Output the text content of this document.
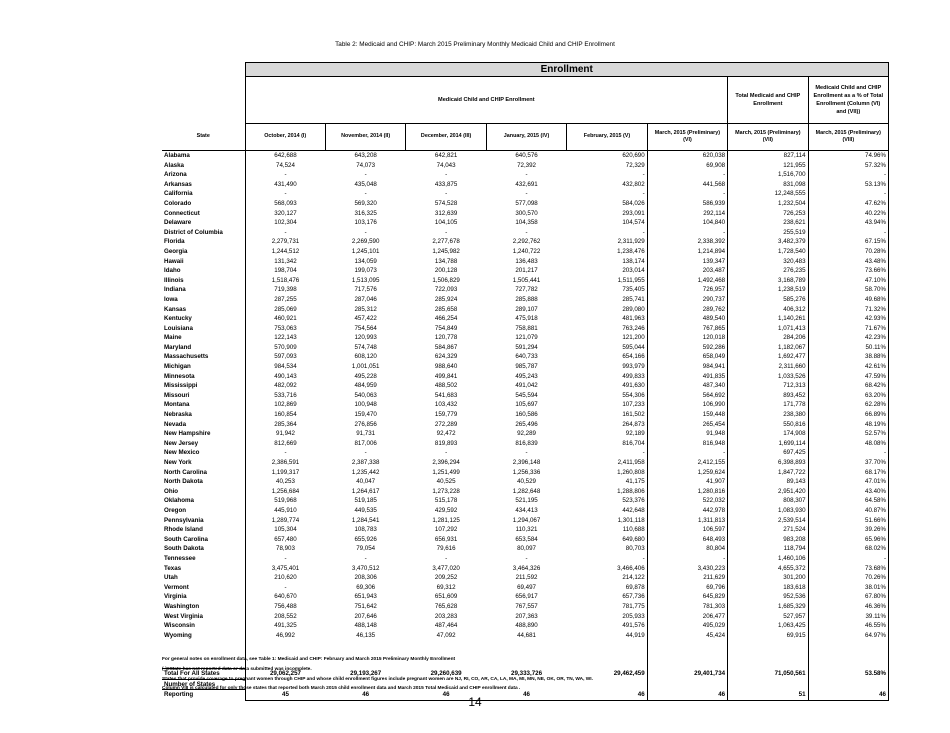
Table 2: Medicaid and CHIP: March 2015 Preliminary Monthly Medicaid Child and CHIP Enrollment
	Enrollment							
	Medicaid Child and CHIP Enrollment						Total Medicaid and CHIP Enrollment	Medicaid Child and CHIP Enrollment as a % of Total Enrollment (Column (VI) and (VII))
State	October, 2014 (I)	November, 2014 (II)	December, 2014 (III)	January, 2015 (IV)	February, 2015 (V)	March, 2015 (Preliminary) (VI)	March, 2015 (Preliminary) (VII)	March, 2015 (Preliminary) (VIII)
Alabama	642,688	643,208	642,821	640,576	620,690	620,038	827,114	74.96%
Alaska	74,524	74,073	74,043	72,392	72,329	69,908	121,955	57.32%
Arizona	-	-	-	-	-	-	1,516,700	-
Arkansas	431,490	435,048	433,875	432,691	432,802	441,568	831,098	53.13%
California	-	-	-	-	-	-	12,248,555	-
Colorado	568,093	569,320	574,528	577,098	584,026	586,939	1,232,504	47.62%
Connecticut	320,127	316,325	312,639	300,570	293,091	292,114	726,253	40.22%
Delaware	102,304	103,176	104,105	104,358	104,574	104,840	238,621	43.94%
District of Columbia	-	-	-	-	-	-	255,519	-
Florida	2,279,731	2,269,590	2,277,678	2,292,762	2,311,929	2,338,392	3,482,379	67.15%
Georgia	1,244,512	1,245,101	1,245,982	1,240,722	1,238,476	1,214,894	1,728,540	70.28%
Hawaii	131,342	134,059	134,788	136,483	138,174	139,347	320,483	43.48%
Idaho	198,704	199,073	200,128	201,217	203,014	203,487	276,235	73.66%
Illinois	1,518,476	1,513,095	1,506,829	1,505,441	1,511,955	1,492,468	3,168,789	47.10%
Indiana	719,398	717,576	722,093	727,782	735,405	726,957	1,238,519	58.70%
Iowa	287,255	287,046	285,924	285,888	285,741	290,737	585,276	49.68%
Kansas	285,069	285,312	285,658	289,107	289,080	289,762	406,312	71.32%
Kentucky	460,921	457,422	466,254	475,918	481,963	489,540	1,140,261	42.93%
Louisiana	753,063	754,564	754,849	758,881	763,246	767,865	1,071,413	71.67%
Maine	122,143	120,993	120,778	121,079	121,200	120,018	284,206	42.23%
Maryland	570,909	574,748	584,867	591,294	595,044	592,286	1,182,067	50.11%
Massachusetts	597,093	608,120	624,329	640,733	654,166	658,049	1,692,477	38.88%
Michigan	984,534	1,001,051	988,640	985,787	993,979	984,941	2,311,660	42.61%
Minnesota	490,143	495,228	499,841	495,243	499,833	491,835	1,033,526	47.59%
Mississippi	482,092	484,959	488,502	491,042	491,630	487,340	712,313	68.42%
Missouri	533,716	540,063	541,683	545,594	554,306	564,692	893,452	63.20%
Montana	102,869	100,948	103,432	105,697	107,233	106,990	171,778	62.28%
Nebraska	160,854	159,470	159,779	160,586	161,502	159,448	238,380	66.89%
Nevada	285,364	276,856	272,289	265,496	264,873	265,454	550,816	48.19%
New Hampshire	91,942	91,731	92,472	92,289	92,189	91,948	174,908	52.57%
New Jersey	812,669	817,006	819,893	816,839	816,704	816,948	1,699,114	48.08%
New Mexico	-	-	-	-	-	-	697,425	-
New York	2,386,591	2,387,338	2,396,294	2,396,148	2,411,958	2,412,155	6,398,893	37.70%
North Carolina	1,199,317	1,235,442	1,251,499	1,256,336	1,260,808	1,259,624	1,847,722	68.17%
North Dakota	40,253	40,047	40,525	40,529	41,175	41,907	89,143	47.01%
Ohio	1,256,684	1,264,617	1,273,228	1,282,648	1,288,806	1,280,816	2,951,420	43.40%
Oklahoma	519,968	519,185	515,178	521,195	523,376	522,032	808,307	64.58%
Oregon	445,910	449,535	429,592	434,413	442,648	442,978	1,083,930	40.87%
Pennsylvania	1,289,774	1,284,541	1,281,125	1,294,067	1,301,118	1,311,813	2,539,514	51.66%
Rhode Island	105,304	108,783	107,292	110,321	110,688	106,597	271,524	39.26%
South Carolina	657,480	655,926	656,931	653,584	649,680	648,493	983,208	65.96%
South Dakota	78,903	79,054	79,616	80,097	80,703	80,804	118,794	68.02%
Tennessee	-	-	-	-	-	-	1,460,106	-
Texas	3,475,401	3,470,512	3,477,020	3,464,326	3,466,406	3,430,223	4,655,372	73.68%
Utah	210,620	208,306	209,252	211,592	214,122	211,629	301,200	70.26%
Vermont	-	69,306	69,312	69,497	69,878	69,796	183,618	38.01%
Virginia	640,670	651,943	651,609	656,917	657,736	645,829	952,536	67.80%
Washington	756,488	751,642	765,628	767,557	781,775	781,303	1,685,329	46.36%
West Virginia	208,552	207,646	203,283	207,363	205,933	206,477	527,957	39.11%
Wisconsin	491,325	488,148	487,464	488,890	491,576	495,029	1,063,425	46.55%
Wyoming	46,992	46,135	47,092	44,681	44,919	45,424	69,915	64.97%

Total For All States	29,062,257	29,193,267	29,260,639	29,333,726	29,462,459	29,401,734	71,050,561	53.58%
Number of States								
Reporting	45	46	46	46	46	46	51	46
For general notes on enrollment data, see Table 1: Medicaid and CHIP: February and March 2015 Preliminary Monthly Enrollment
(-)=State has not reported data or data submitted was incomplete.
States that provide coverage to pregnant women through CHIP and whose child enrollment figures include pregnant women are NJ, RI, CO, AR, CA, LA, MA, MI, MN, NE, OK, OR, TN, WA, WI.
Column VIII is calculated for only those states that reported both March 2015 child enrollment data and March 2015 Total Medicaid and CHIP enrollment data .
14
